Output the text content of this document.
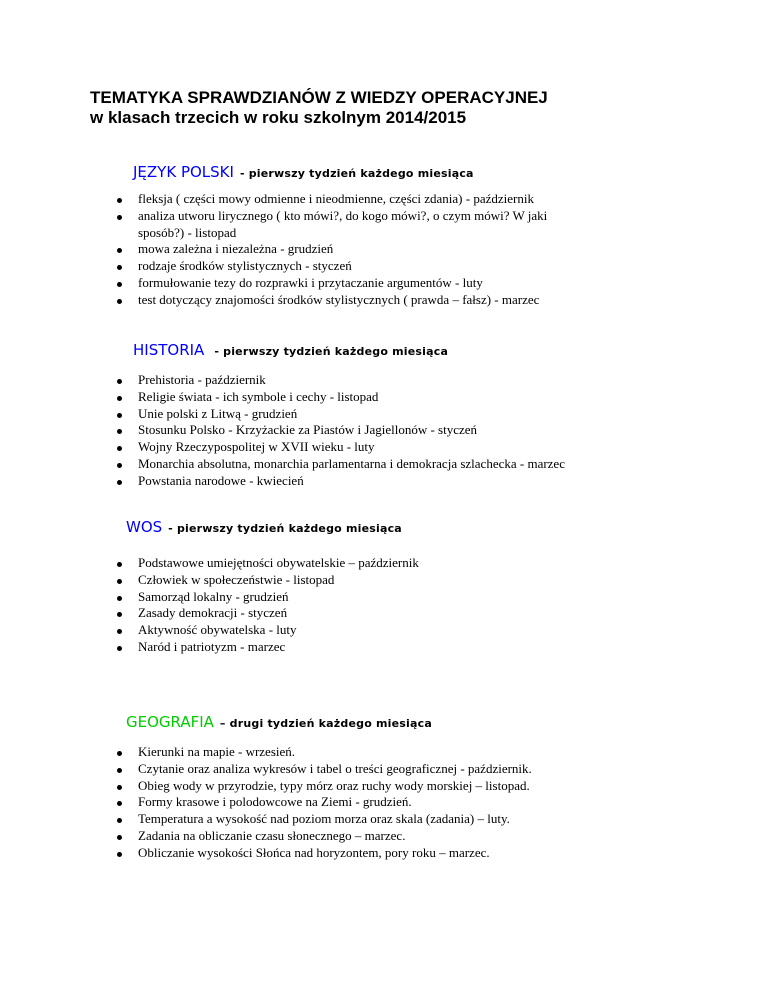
TEMATYKA SPRAWDZIANÓW Z WIEDZY OPERACYJNEJ
w klasach trzecich w roku szkolnym 2014/2015
JĘZYK POLSKI - pierwszy tydzień każdego miesiąca
fleksja ( części mowy odmienne i nieodmienne, części zdania) - październik
analiza utworu lirycznego ( kto mówi?, do kogo mówi?, o czym mówi? W jaki sposób?) - listopad
mowa zależna i niezależna - grudzień
rodzaje środków stylistycznych - styczeń
formułowanie tezy do rozprawki i przytaczanie argumentów - luty
test dotyczący znajomości środków stylistycznych ( prawda – fałsz) - marzec
HISTORIA - pierwszy tydzień każdego miesiąca
Prehistoria - październik
Religie świata - ich symbole i cechy - listopad
Unie polski z Litwą - grudzień
Stosunku Polsko - Krzyżackie za Piastów i Jagiellonów - styczeń
Wojny Rzeczypospolitej w XVII wieku - luty
Monarchia absolutna, monarchia parlamentarna i demokracja szlachecka - marzec
Powstania narodowe - kwiecień
WOS - pierwszy tydzień każdego miesiąca
Podstawowe umiejętności obywatelskie – październik
Człowiek w społeczeństwie - listopad
Samorząd lokalny - grudzień
Zasady demokracji - styczeń
Aktywność obywatelska - luty
Naród i patriotyzm - marzec
GEOGRAFIA – drugi tydzień każdego miesiąca
Kierunki na mapie - wrzesień.
Czytanie oraz analiza wykresów i tabel o treści geograficznej - październik.
Obieg wody w przyrodzie, typy mórz oraz ruchy wody morskiej – listopad.
Formy krasowe i polodowcowe na Ziemi - grudzień.
Temperatura a wysokość nad poziom morza oraz skala (zadania) – luty.
Zadania na obliczanie czasu słonecznego – marzec.
Obliczanie wysokości Słońca nad horyzontem, pory roku – marzec.
